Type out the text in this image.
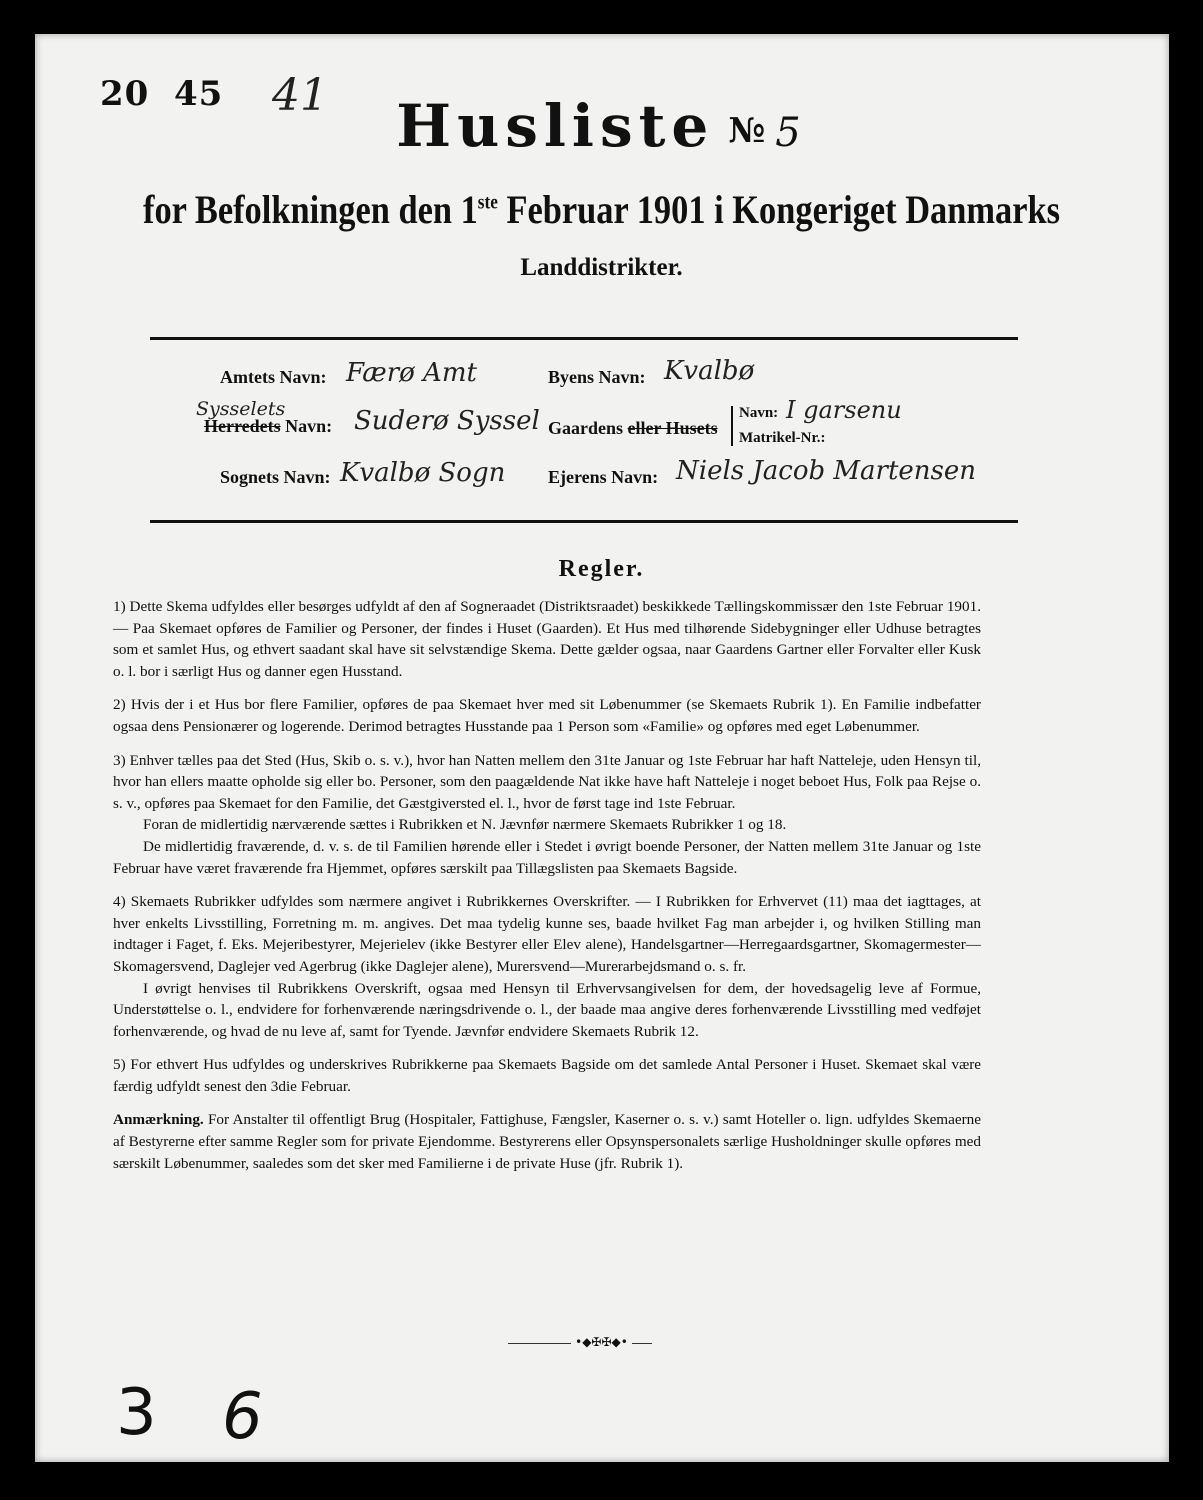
20 45 41	Husliste № 5
for Befolkningen den 1ste Februar 1901 i Kongeriget Danmarks
Landdistrikter.
Amtets Navn: Færø Amt	Byens Navn: Kvalbø
Sysselets
Herredets Navn: Suderø Syssel Gaardens eller Husets
Navn: I garsenu
Matrikel-Nr.:
Sognets Navn: Kvalbø Sogn Ejerens Navn: Niels Jacob Martensen
Regler.

1) Dette Skema udfyldes eller besørges udfyldt af den af Sogneraadet (Distriktsraadet) beskikkede Tællingskommissær den 1ste Februar 1901. — Paa Skemaet opføres de Familier og Personer, der findes i Huset (Gaarden). Et Hus med tilhørende Sidebygninger eller Udhuse betragtes som et samlet Hus, og ethvert saadant skal have sit selvstændige Skema. Dette gælder ogsaa, naar Gaardens Gartner eller Forvalter eller Kusk o. l. bor i særligt Hus og danner egen Husstand.

2) Hvis der i et Hus bor flere Familier, opføres de paa Skemaet hver med sit Løbenummer (se Skemaets Rubrik 1). En Familie indbefatter ogsaa dens Pensionærer og logerende. Derimod betragtes Husstande paa 1 Person som «Familie» og opføres med eget Løbenummer.

3) Enhver tælles paa det Sted (Hus, Skib o. s. v.), hvor han Natten mellem den 31te Januar og 1ste Februar har haft Natteleje, uden Hensyn til, hvor han ellers maatte opholde sig eller bo. Personer, som den paagældende Nat ikke have haft Natteleje i noget beboet Hus, Folk paa Rejse o. s. v., opføres paa Skemaet for den Familie, det Gæstgiversted el. l., hvor de først tage ind 1ste Februar.

Foran de midlertidig nærværende sættes i Rubrikken et N. Jævnfør nærmere Skemaets Rubrikker 1 og 18.

De midlertidig fraværende, d. v. s. de til Familien hørende eller i Stedet i øvrigt boende Personer, der Natten mellem 31te Januar og 1ste Februar have været fraværende fra Hjemmet, opføres særskilt paa Tillægslisten paa Skemaets Bagside.

4) Skemaets Rubrikker udfyldes som nærmere angivet i Rubrikkernes Overskrifter. — I Rubrikken for Erhvervet (11) maa det iagttages, at hver enkelts Livsstilling, Forretning m. m. angives. Det maa tydelig kunne ses, baade hvilket Fag man arbejder i, og hvilken Stilling man indtager i Faget, f. Eks. Mejeribestyrer, Mejerielev (ikke Bestyrer eller Elev alene), Handelsgartner—Herregaardsgartner, Skomagermester—Skomagersvend, Daglejer ved Agerbrug (ikke Daglejer alene), Murersvend—Murerarbejdsmand o. s. fr.

I øvrigt henvises til Rubrikkens Overskrift, ogsaa med Hensyn til Erhvervsangivelsen for dem, der hovedsagelig leve af Formue, Understøttelse o. l., endvidere for forhenværende næringsdrivende o. l., der baade maa angive deres forhenværende Livsstilling med vedføjet forhenværende, og hvad de nu leve af, samt for Tyende. Jævnfør endvidere Skemaets Rubrik 12.

5) For ethvert Hus udfyldes og underskrives Rubrikkerne paa Skemaets Bagside om det samlede Antal Personer i Huset. Skemaet skal være færdig udfyldt senest den 3die Februar.

Anmærkning. For Anstalter til offentligt Brug (Hospitaler, Fattighuse, Fængsler, Kaserner o. s. v.) samt Hoteller o. lign. udfyldes Skemaerne af Bestyrerne efter samme Regler som for private Ejendomme. Bestyrerens eller Opsynspersonalets særlige Husholdninger skulle opføres med særskilt Løbenummer, saaledes som det sker med Familierne i de private Huse (jfr. Rubrik 1).

•◆✠✠◆•
3 6
